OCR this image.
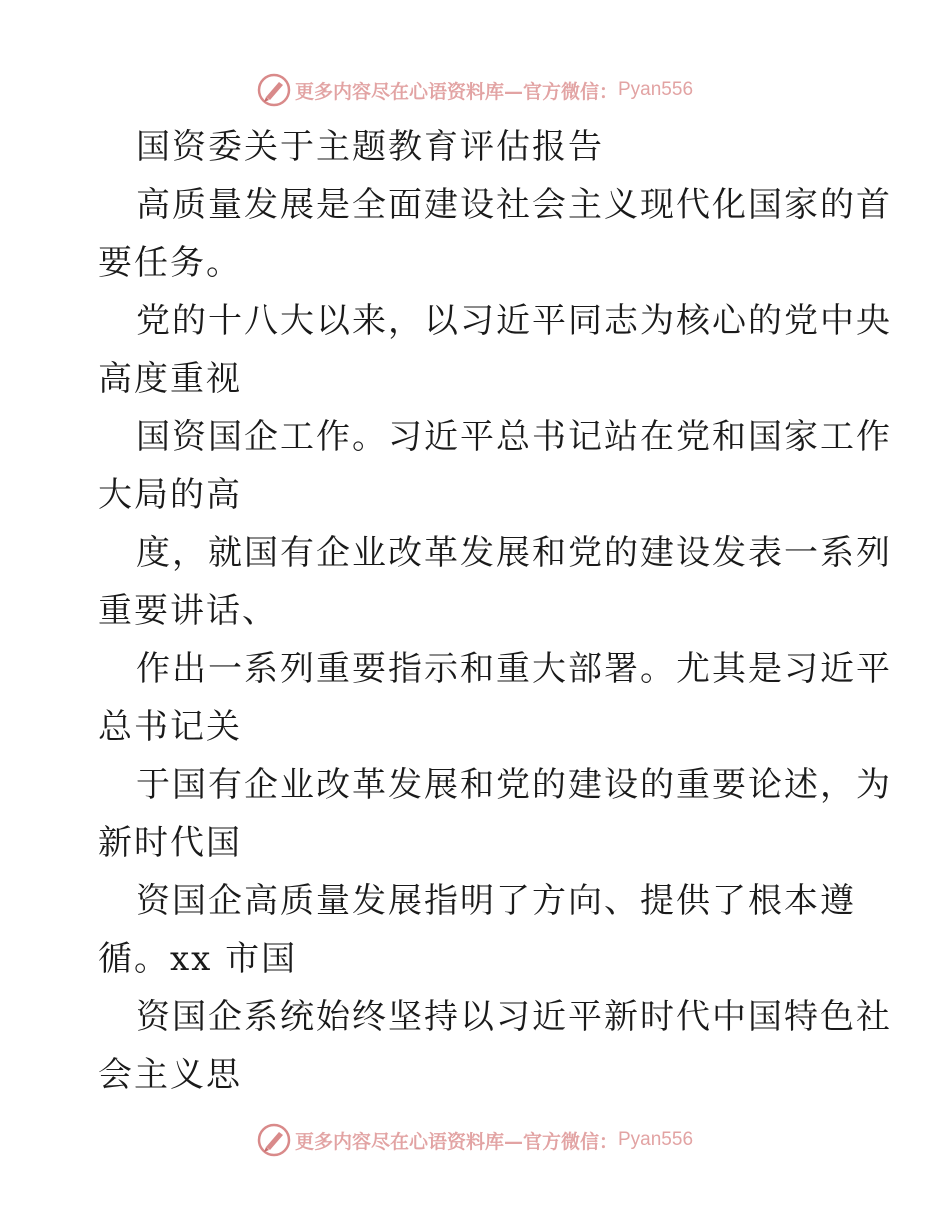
更多内容尽在心语资料库—官方微信： Pyan556
国资委关于主题教育评估报告
高质量发展是全面建设社会主义现代化国家的首
要任务。
党的十八大以来，以习近平同志为核心的党中央
高度重视
国资国企工作。习近平总书记站在党和国家工作
大局的高
度，就国有企业改革发展和党的建设发表一系列
重要讲话、
作出一系列重要指示和重大部署。尤其是习近平
总书记关
于国有企业改革发展和党的建设的重要论述，为
新时代国
资国企高质量发展指明了方向、提供了根本遵
循。xx 市国
资国企系统始终坚持以习近平新时代中国特色社
会主义思
更多内容尽在心语资料库—官方微信： Pyan556
